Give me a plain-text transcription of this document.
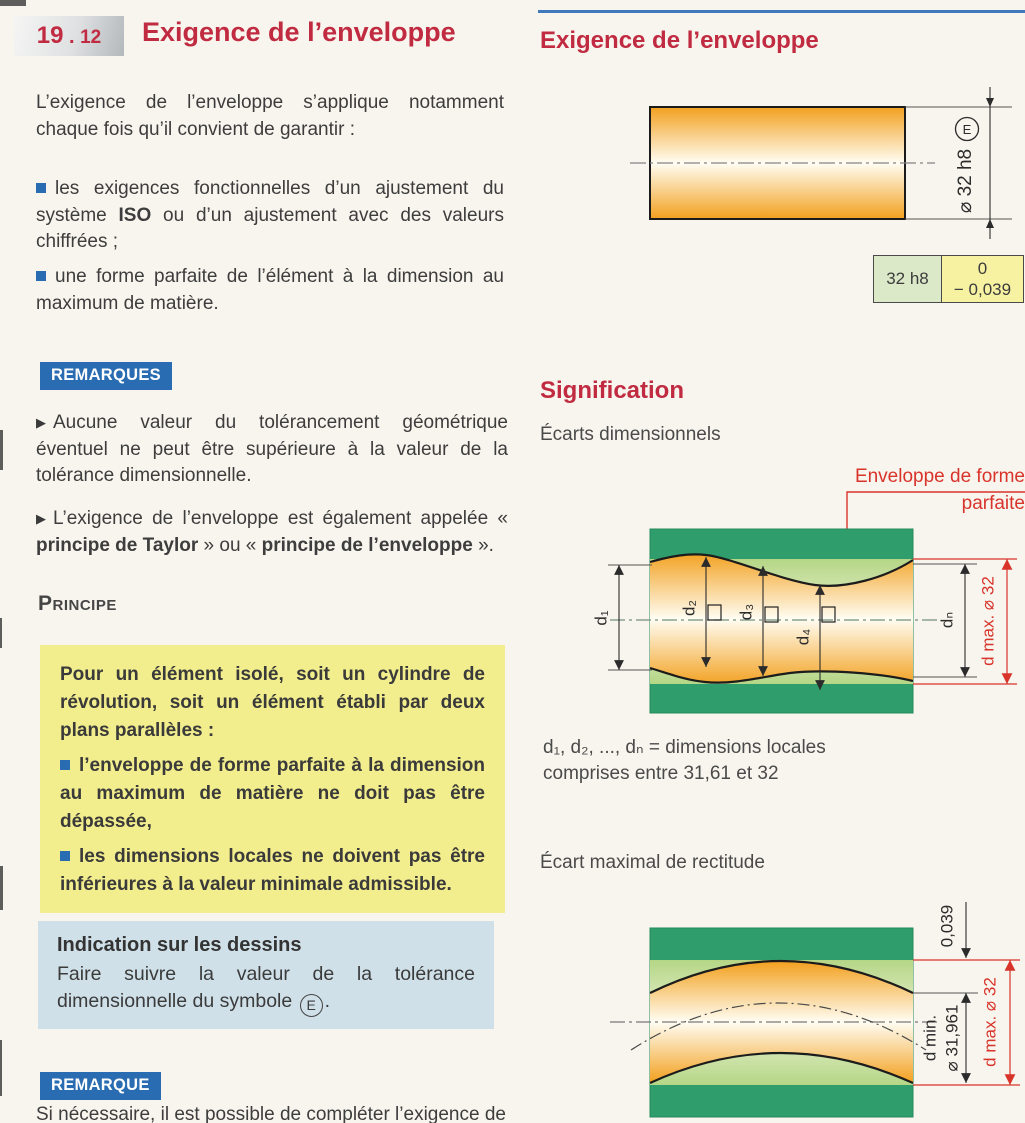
19 . 12	Exigence de l’enveloppe

L’exigence de l’enveloppe s’applique notamment chaque fois qu’il convient de garantir :

les exigences fonctionnelles d’un ajustement du système ISO ou d’un ajustement avec des valeurs chiffrées ;

une forme parfaite de l’élément à la dimension au maximum de matière.

REMARQUES

▶ Aucune valeur du tolérancement géométrique éventuel ne peut être supérieure à la valeur de la tolérance dimensionnelle.

▶ L’exigence de l’enveloppe est également appelée « principe de Taylor » ou « principe de l’enveloppe ».

Principe

Pour un élément isolé, soit un cylindre de révolution, soit un élément établi par deux plans parallèles :

l’enveloppe de forme parfaite à la dimension au maximum de matière ne doit pas être dépassée,

les dimensions locales ne doivent pas être inférieures à la valeur minimale admissible.

Indication sur les dessins

Faire suivre la valeur de la tolérance dimensionnelle du symbole E .

REMARQUE

Si nécessaire, il est possible de compléter l’exigence de

Exigence de l’enveloppe
E
⌀ 32 h8
32 h8
0
− 0,039
Signification
Écarts dimensionnels
Enveloppe de forme
parfaite
d₁
d₂ d₃
d₄
dₙ d max. ⌀ 32
d₁, d₂, ..., dₙ = dimensions locales
comprises entre 31,61 et 32
Écart maximal de rectitude
0,039
d min. ⌀ 31,961 d max. ⌀ 32
